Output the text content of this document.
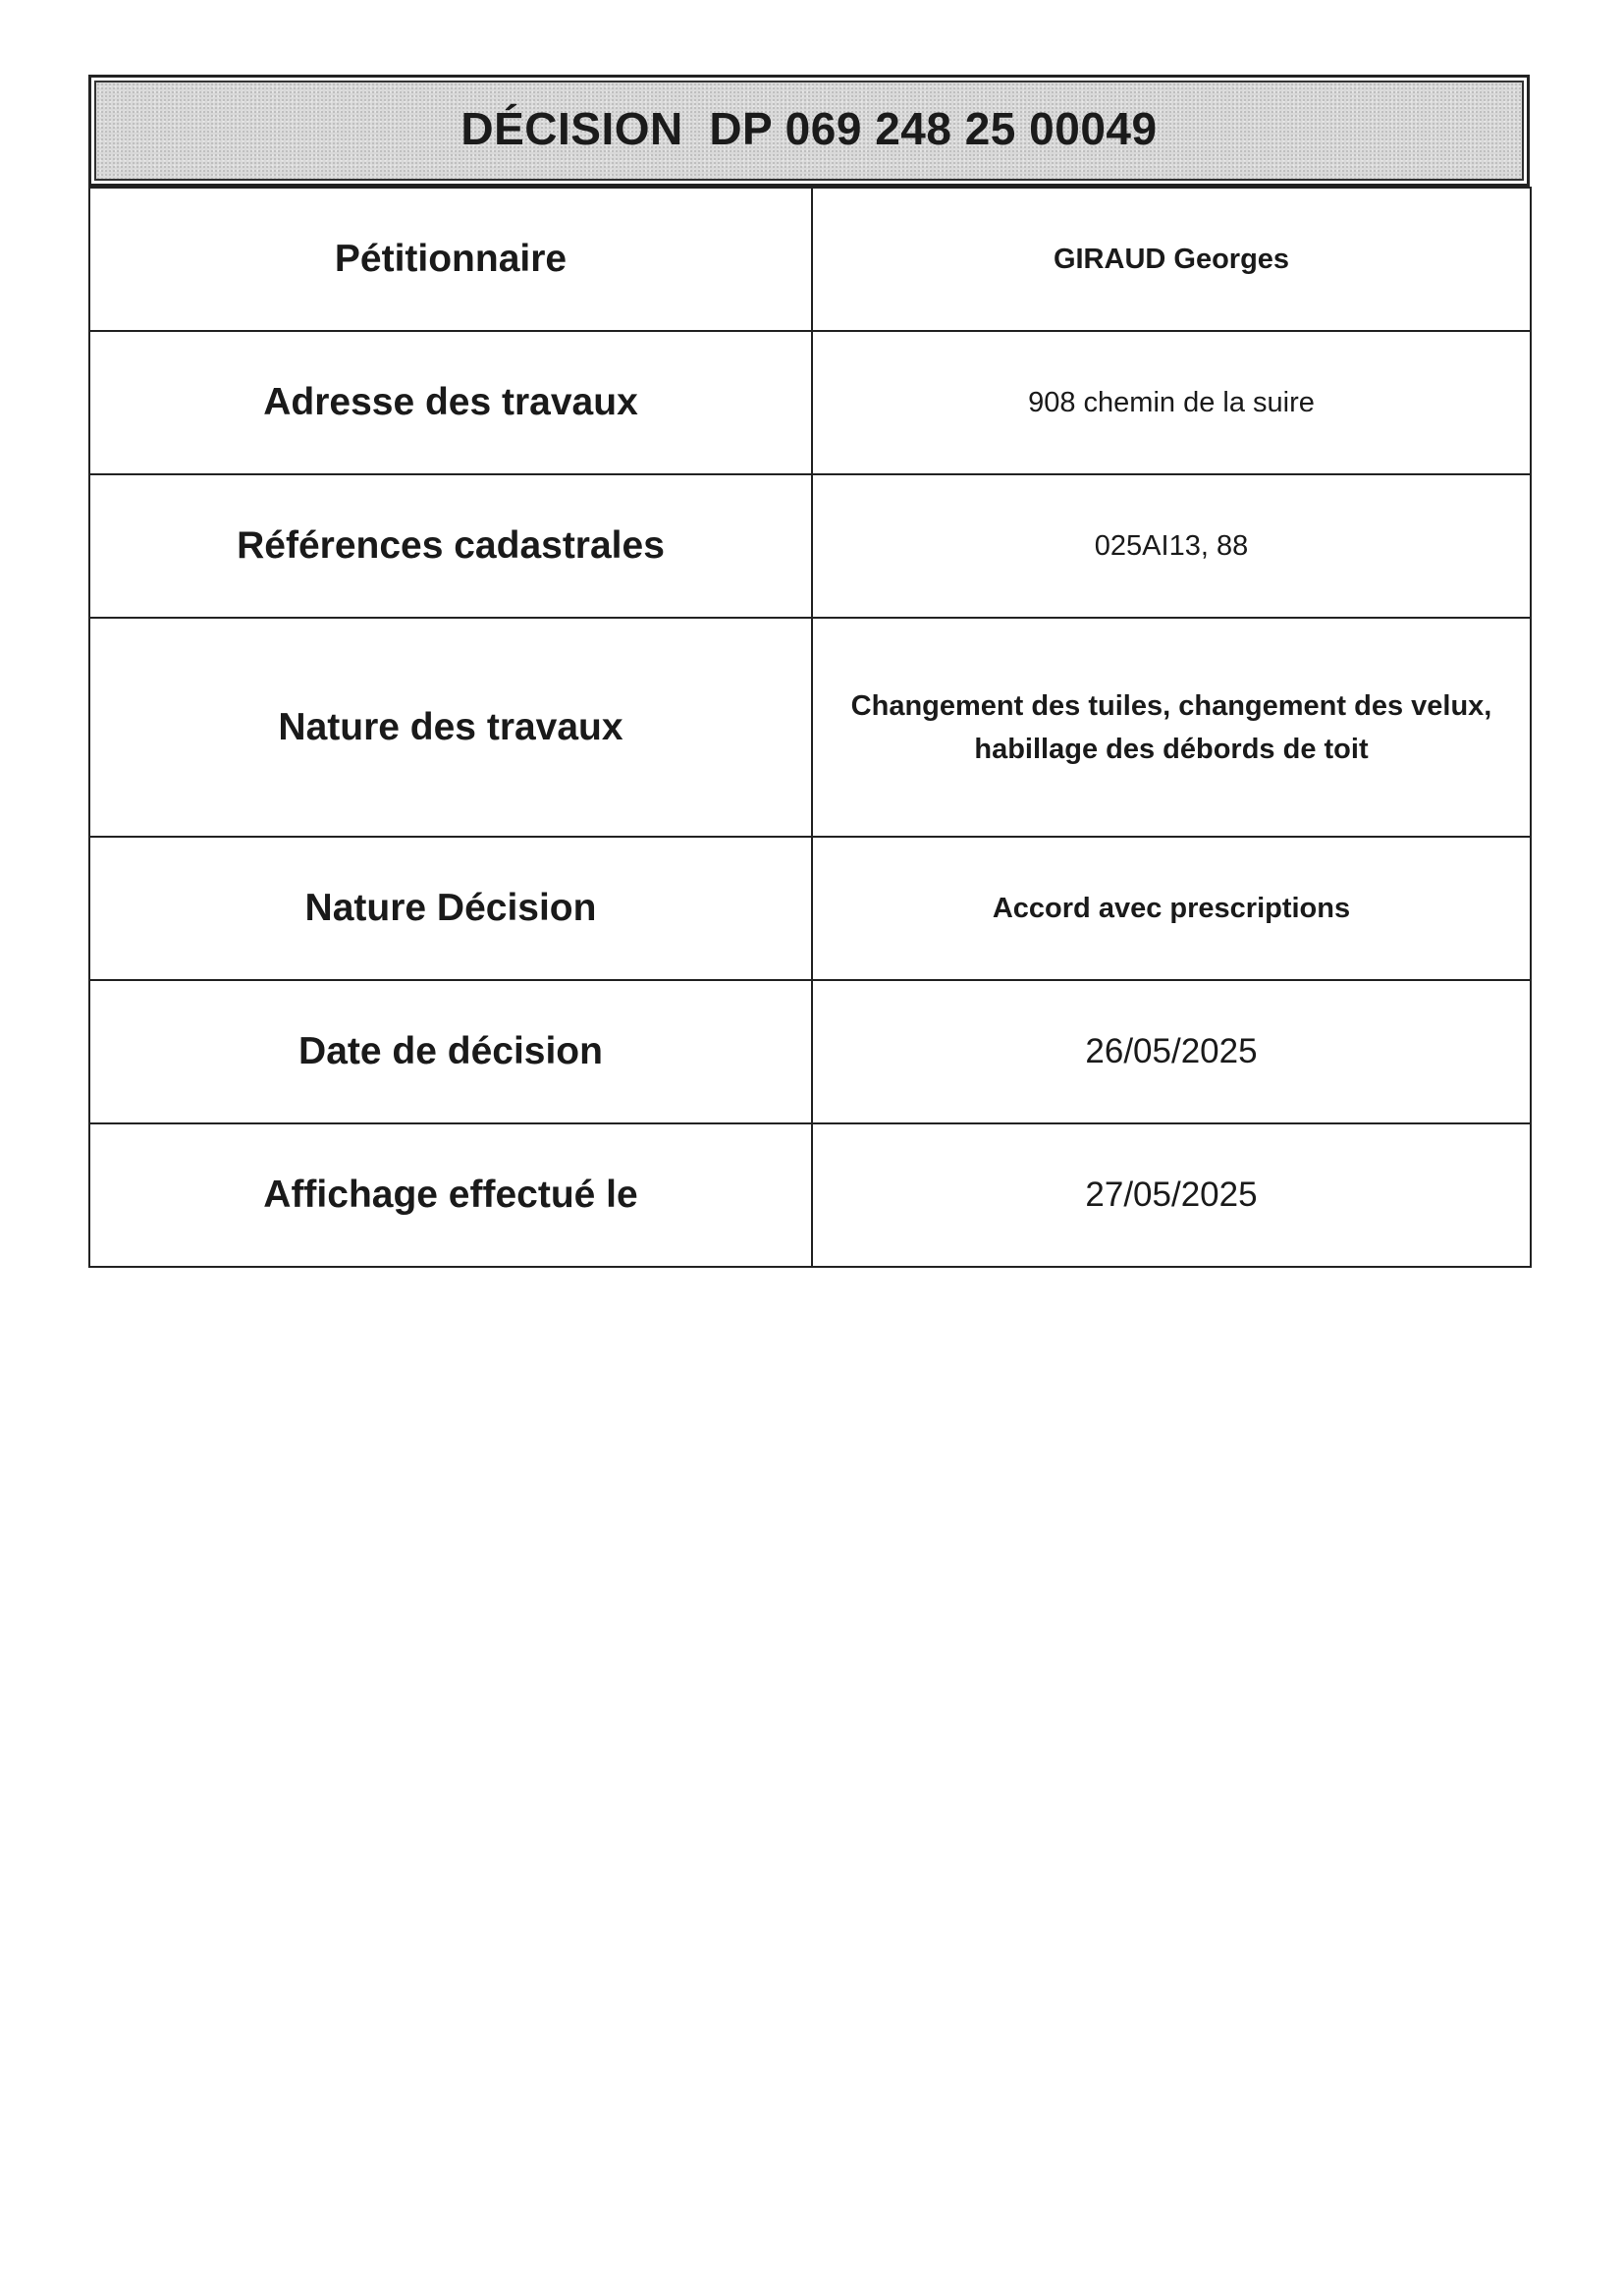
DÉCISION  DP 069 248 25 00049
Pétitionnaire	GIRAUD Georges

Adresse des travaux	908 chemin de la suire

Références cadastrales	025AI13, 88

Nature des travaux	Changement des tuiles, changement des velux,
habillage des débords de toit

Nature Décision	Accord avec prescriptions

Date de décision	26/05/2025

Affichage effectué le	27/05/2025
